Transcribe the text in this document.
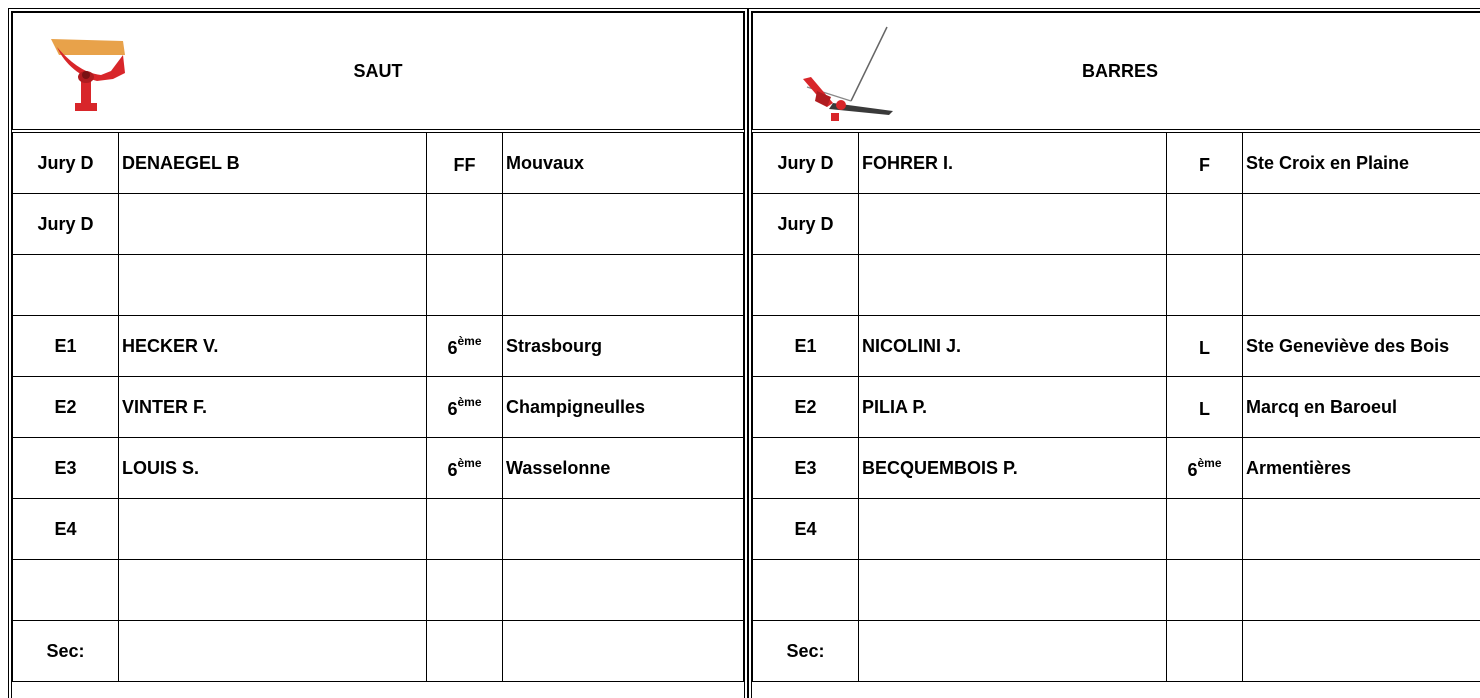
SAUT			

Jury D	DENAEGEL B	FF	Mouvaux
Jury D			

E1	HECKER V.	6ème	Strasbourg
E2	VINTER F.	6ème	Champigneulles
E3	LOUIS S.	6ème	Wasselonne
E4			

Sec:			
BARRES			

Jury D	FOHRER I.	F	Ste Croix en Plaine
Jury D			

E1	NICOLINI J.	L	Ste Geneviève des Bois
E2	PILIA P.	L	Marcq en Baroeul
E3	BECQUEMBOIS P.	6ème	Armentières
E4			

Sec:			
